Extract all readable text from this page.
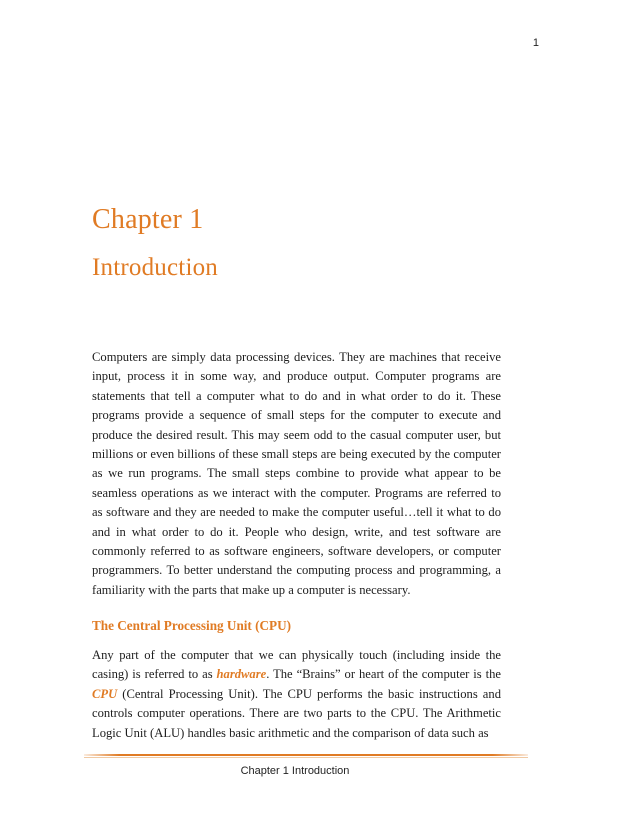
1
Chapter 1
Introduction

Computers are simply data processing devices. They are machines that receive input, process it in some way, and produce output. Computer programs are statements that tell a computer what to do and in what order to do it. These programs provide a sequence of small steps for the computer to execute and produce the desired result. This may seem odd to the casual computer user, but millions or even billions of these small steps are being executed by the computer as we run programs. The small steps combine to provide what appear to be seamless operations as we interact with the computer. Programs are referred to as software and they are needed to make the computer useful…tell it what to do and in what order to do it. People who design, write, and test software are commonly referred to as software engineers, software developers, or computer programmers. To better understand the computing process and programming, a familiarity with the parts that make up a computer is necessary.

The Central Processing Unit (CPU)

Any part of the computer that we can physically touch (including inside the casing) is referred to as hardware. The “Brains” or heart of the computer is the CPU (Central Processing Unit). The CPU performs the basic instructions and controls computer operations. There are two parts to the CPU. The Arithmetic Logic Unit (ALU) handles basic arithmetic and the comparison of data such as

Chapter 1 Introduction
